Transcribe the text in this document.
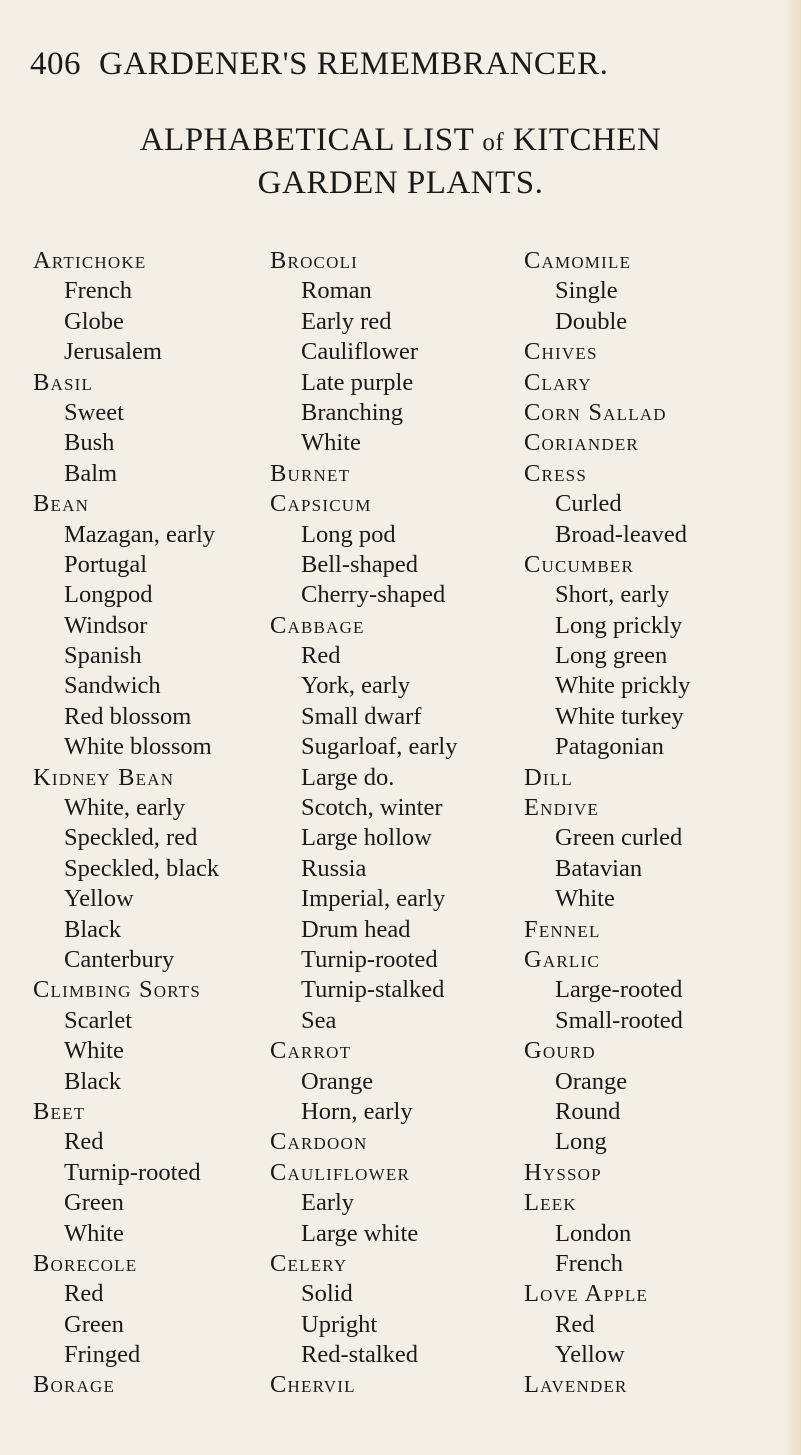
406 GARDENER'S REMEMBRANCER.
ALPHABETICAL LIST of KITCHEN
GARDEN PLANTS.
Artichoke
French
Globe
Jerusalem
Basil
Sweet
Bush
Balm
Bean
Mazagan, early
Portugal
Longpod
Windsor
Spanish
Sandwich
Red blossom
White blossom
Kidney Bean
White, early
Speckled, red
Speckled, black
Yellow
Black
Canterbury
Climbing Sorts
Scarlet
White
Black
Beet
Red
Turnip-rooted
Green
White
Borecole
Red
Green
Fringed
Borage
Brocoli
Roman
Early red
Cauliflower
Late purple
Branching
White
Burnet
Capsicum
Long pod
Bell-shaped
Cherry-shaped
Cabbage
Red
York, early
Small dwarf
Sugarloaf, early
Large do.
Scotch, winter
Large hollow
Russia
Imperial, early
Drum head
Turnip-rooted
Turnip-stalked
Sea
Carrot
Orange
Horn, early
Cardoon
Cauliflower
Early
Large white
Celery
Solid
Upright
Red-stalked
Chervil
Camomile
Single
Double
Chives
Clary
Corn Sallad
Coriander
Cress
Curled
Broad-leaved
Cucumber
Short, early
Long prickly
Long green
White prickly
White turkey
Patagonian
Dill
Endive
Green curled
Batavian
White
Fennel
Garlic
Large-rooted
Small-rooted
Gourd
Orange
Round
Long
Hyssop
Leek
London
French
Love Apple
Red
Yellow
Lavender
